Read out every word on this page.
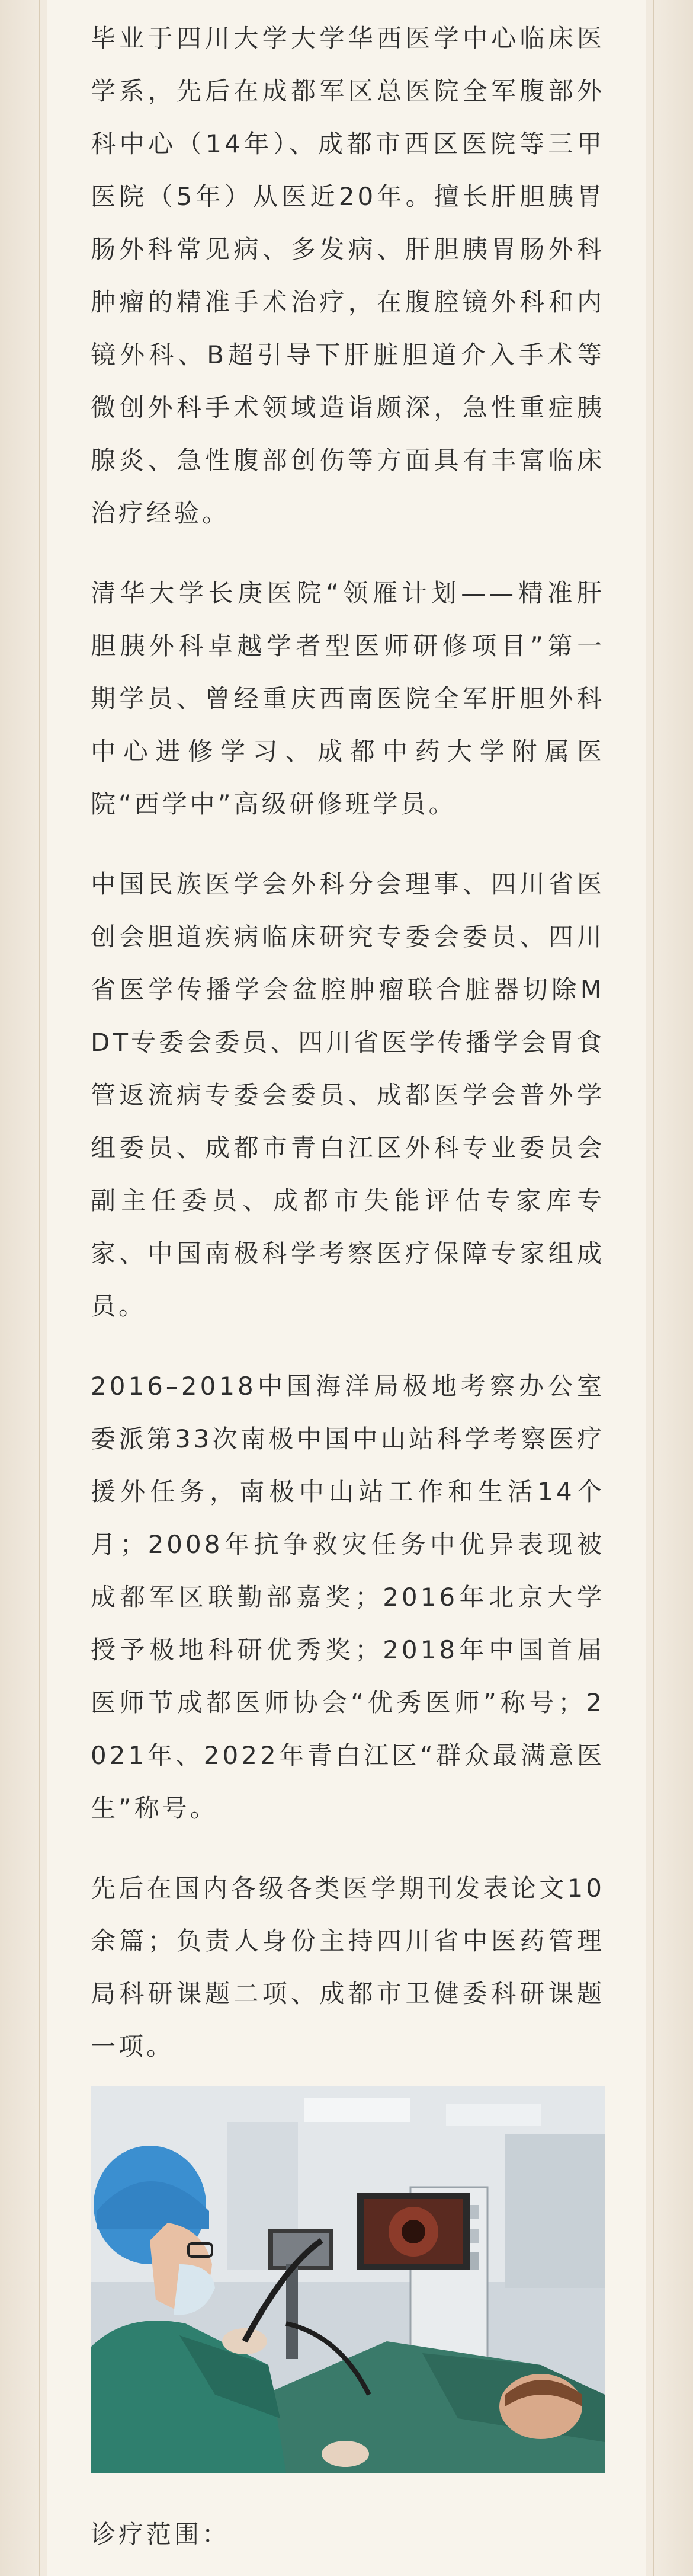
毕业于四川大学大学华西医学中心临床医学系，先后在成都军区总医院全军腹部外科中心（14年）、成都市西区医院等三甲医院（5年）从医近20年。擅长肝胆胰胃肠外科常见病、多发病、肝胆胰胃肠外科肿瘤的精准手术治疗，在腹腔镜外科和内镜外科、B超引导下肝脏胆道介入手术等微创外科手术领域造诣颇深，急性重症胰腺炎、急性腹部创伤等方面具有丰富临床治疗经验。

清华大学长庚医院“领雁计划——精准肝胆胰外科卓越学者型医师研修项目”第一期学员、曾经重庆西南医院全军肝胆外科中心进修学习、成都中药大学附属医院“西学中”高级研修班学员。

中国民族医学会外科分会理事、四川省医创会胆道疾病临床研究专委会委员、四川省医学传播学会盆腔肿瘤联合脏器切除MDT专委会委员、四川省医学传播学会胃食管返流病专委会委员、成都医学会普外学组委员、成都市青白江区外科专业委员会副主任委员、成都市失能评估专家库专家、中国南极科学考察医疗保障专家组成员。

2016–2018中国海洋局极地考察办公室委派第33次南极中国中山站科学考察医疗援外任务，南极中山站工作和生活14个月；2008年抗争救灾任务中优异表现被成都军区联勤部嘉奖；2016年北京大学授予极地科研优秀奖；2018年中国首届医师节成都医师协会“优秀医师”称号；2021年、2022年青白江区“群众最满意医生”称号。

先后在国内各级各类医学期刊发表论文10余篇；负责人身份主持四川省中医药管理局科研课题二项、成都市卫健委科研课题一项。

诊疗范围：
